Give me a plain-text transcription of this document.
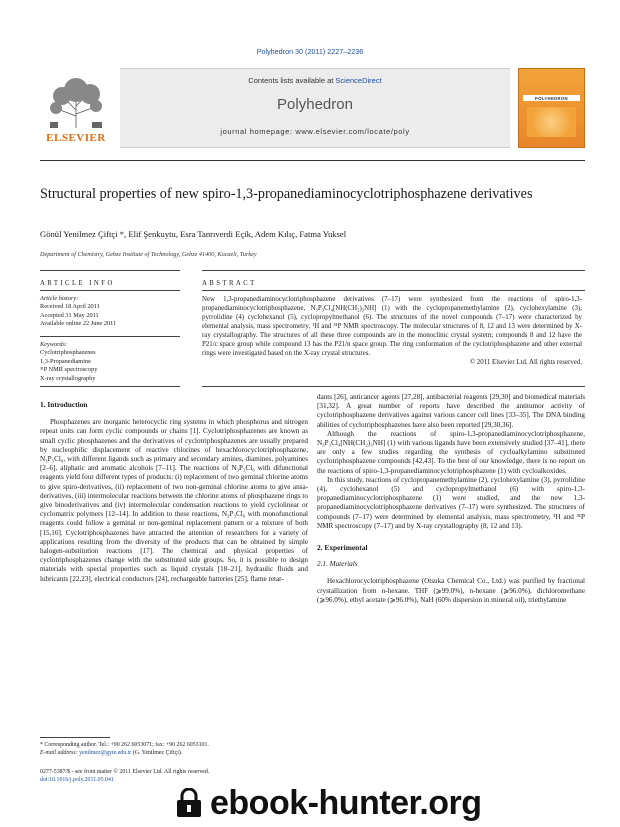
Polyhedron 30 (2011) 2227–2236
ELSEVIER
Contents lists available at ScienceDirect
Polyhedron
journal homepage: www.elsevier.com/locate/poly
POLYHEDRON
Structural properties of new spiro-1,3-propanediaminocyclotriphosphazene derivatives
Gönül Yenilmez Çiftçi *, Elif Şenkuytu, Esra Tanrıverdi Eçik, Adem Kılıç, Fatma Yuksel
Department of Chemistry, Gebze Institute of Technology, Gebze 41400, Kocaeli, Turkey
ARTICLE INFO	ABSTRACT
Article history:
Received 18 April 2011
Accepted 31 May 2011
Available online 22 June 2011
Keywords:
Cyclotriphosphazenes
1,3-Propanediamine
³¹P NMR spectroscopy
X-ray crystallography
New 1,3-propanediaminocyclotriphosphazene derivatives (7–17) were synthesized from the reactions of spiro-1,3-propanediaminocyclotriphosphazene, N₃P₃Cl₄[NH(CH₂)₃NH] (1) with the cyclopropanemethylamine (2), cyclohexylamine (3), pyrrolidine (4) cyclohexanol (5), cyclopropylmethanol (6). The structures of the novel compounds (7–17) were characterized by elemental analysis, mass spectrometry, ¹H and ³¹P NMR spectroscopy. The molecular structures of 8, 12 and 13 were determined by X-ray crystallography. The structures of all these three compounds are in the monoclinic crystal system; compounds 8 and 12 have the P21/c space group while compound 13 has the P21/n space group. The ring conformation of the cyclotriphosphazene and other external rings were investigated based on the X-ray crystal structures.
© 2011 Elsevier Ltd. All rights reserved.
1. Introduction

Phosphazenes are inorganic heterocyclic ring systems in which phosphorus and nitrogen repeat units can form cyclic compounds or chains [1]. Cyclotriphosphazenes are known as small cyclic phosphazenes and the derivatives of cyclotriphosphazenes are usually prepared by nucleophilic displacement of reactive chlorines of hexachlorocyclotriphosphazene, N₃P₃Cl₆, with different ligands such as primary and secondary amines, diamines, polyamines [2–6], aliphatic and aromatic alcohols [7–11]. The reactions of N₃P₃Cl₆ with difunctional reagents yield four different types of products: (i) replacement of two geminal chlorine atoms to give spiro-derivatives, (ii) replacement of two non-geminal chlorine atoms to give ansa-derivatives, (iii) intermolecular reactions between the chlorine atoms of phosphazene rings to give binoderivatives and (iv) intermolecular condensation reactions to yield cyclolinear or cyclomatrix polymers [12–14]. In addition to these reactions, N₃P₃Cl₆ with monofunctional reagents could follow a geminal or non-geminal replacement pattern or a mixture of both [15,16]. Cyclotriphosphazenes have attracted the attention of researchers for a variety of applications resulting from the diversity of the products that can be obtained by simple halogen-substitution reactions [17]. The chemical and physical properties of cyclotriphosphazenes change with the substituted side groups. So, it is possible to design materials with special properties such as liquid crystals [18–21], hydraulic fluids and lubricants [22,23], electrical conductors [24], rechargeable batteries [25], flame retar-

dants [26], anticancer agents [27,28], antibacterial reagents [29,30] and biomedical materials [31,32]. A great number of reports have described the antitumor activity of cyclotriphosphazene derivatives against various cancer cell lines [33–35]. The DNA binding abilities of cyclotriphosphazenes have also been reported [29,30,36].

Although the reactions of spiro-1,3-propanediaminocyclotriphosphazene, N₃P₃Cl₄[NH(CH₂)₃NH] (1) with various ligands have been extensively studied [37–41], there are only a few studies regarding the synthesis of cycloalkylamino substituted cyclotriphosphazene compounds [42,43]. To the best of our knowledge, there is no report on the reactions of spiro-1,3-propanediaminocyclotriphosphazene (1) with cycloalkoxides.

In this study, reactions of cyclopropanemethylamine (2), cyclohexylamine (3), pyrrolidine (4), cyclohexanol (5) and cyclopropylmethanol (6) with spiro-1,3-propanediaminocyclotriphosphazene (1) were studied, and the new 1,3-propanediaminocyclotriphosphazene derivatives (7–17) were synthesized. The structures of compounds (7–17) were determined by elemental analysis, mass spectrometry, ¹H and ³¹P NMR spectroscopy (7–17) and by X-ray crystallography (8, 12 and 13).

2. Experimental
2.1. Materials

Hexachlorocyclotriphosphazene (Otsuka Chemical Co., Ltd.) was purified by fractional crystallization from n-hexane. THF (⩾99.0%), n-hexane (⩾96.0%), dichloromethane (⩾96.0%), ethyl acetate (⩾96.0%), NaH (60% dispersion in mineral oil), triethylamine

* Corresponding author. Tel.: +90 262 6053071; fax: +90 262 6053101.
E-mail address: yenilmez@gyte.edu.tr (G. Yenilmez Çiftçi).
0277-5387/$ - see front matter © 2011 Elsevier Ltd. All rights reserved.
doi:10.1016/j.poly.2011.05.041
ebook-hunter.org
